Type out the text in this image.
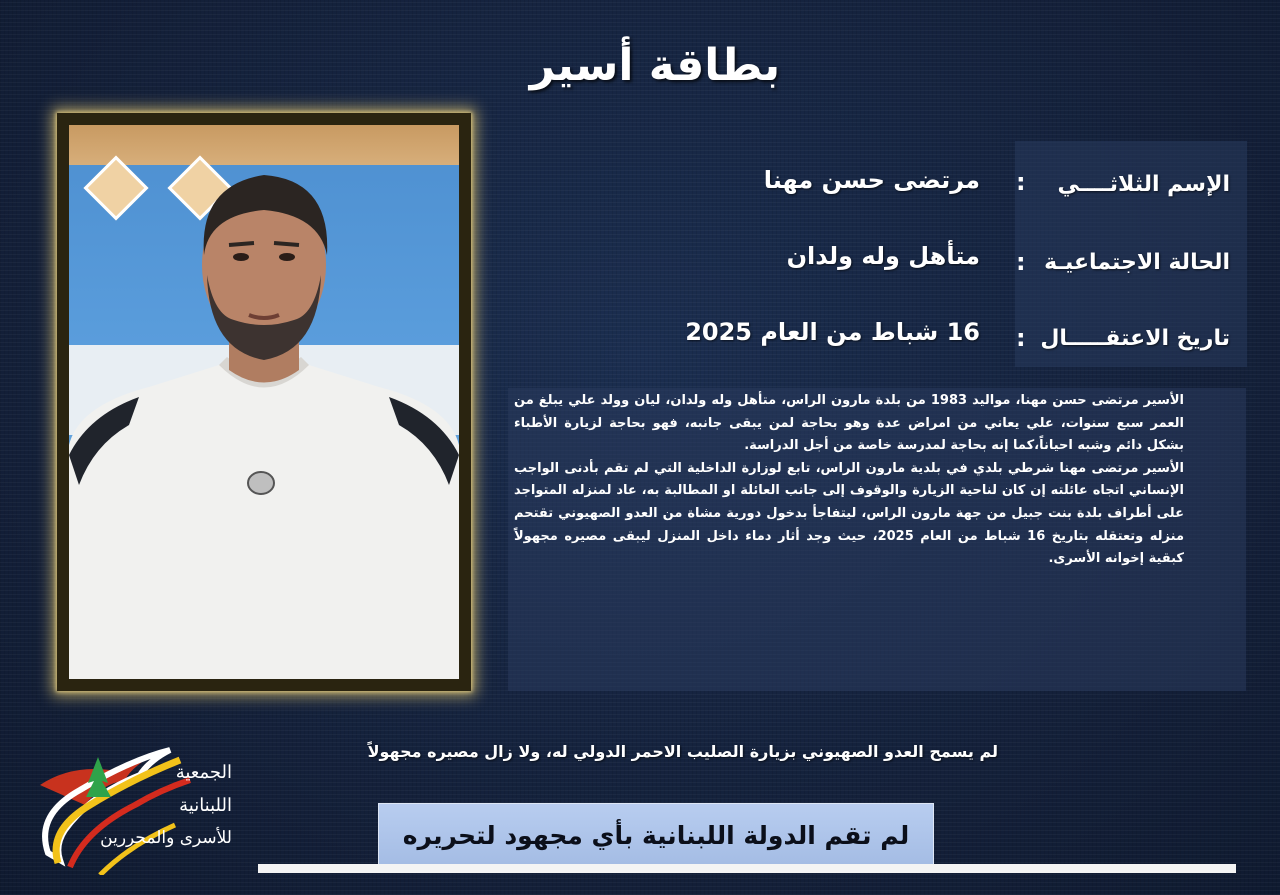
بطاقة أسير
الإسم الثلاثــــي
:
مرتضى حسن مهنا
الحالة الاجتماعيـة
:
متأهل وله ولدان
تاريخ الاعتقـــــال
:
16 شباط من العام 2025

الأسير مرتضى حسن مهنا، مواليد 1983 من بلدة مارون الراس، متأهل وله ولدان، ليان وولد علي يبلغ من العمر سبع سنوات، علي يعاني من امراض عدة وهو بحاجة لمن يبقى جانبه، فهو بحاجة لزيارة الأطباء بشكل دائم وشبه احياناً،كما إنه بحاجة لمدرسة خاصة من أجل الدراسة.

الأسير مرتضى مهنا شرطي بلدي في بلدية مارون الراس، تابع لوزارة الداخلية التي لم تقم بأدنى الواجب الإنساني اتجاه عائلته إن كان لناحية الزيارة والوقوف إلى جانب العائلة او المطالبة به، عاد لمنزله المتواجد على أطراف بلدة بنت جبيل من جهة مارون الراس، ليتفاجأ بدخول دورية مشاة من العدو الصهيوني تقتحم منزله وتعتقله بتاريخ 16 شباط من العام 2025، حيث وجد أثار دماء داخل المنزل ليبقى مصيره مجهولاً كبقية إخوانه الأسرى.

لم يسمح العدو الصهيوني بزيارة الصليب الاحمر الدولي له، ولا زال مصيره مجهولاً
لم تقم الدولة اللبنانية بأي مجهود لتحريره
الجمعية
اللبنانية
للأسرى والمحررين
